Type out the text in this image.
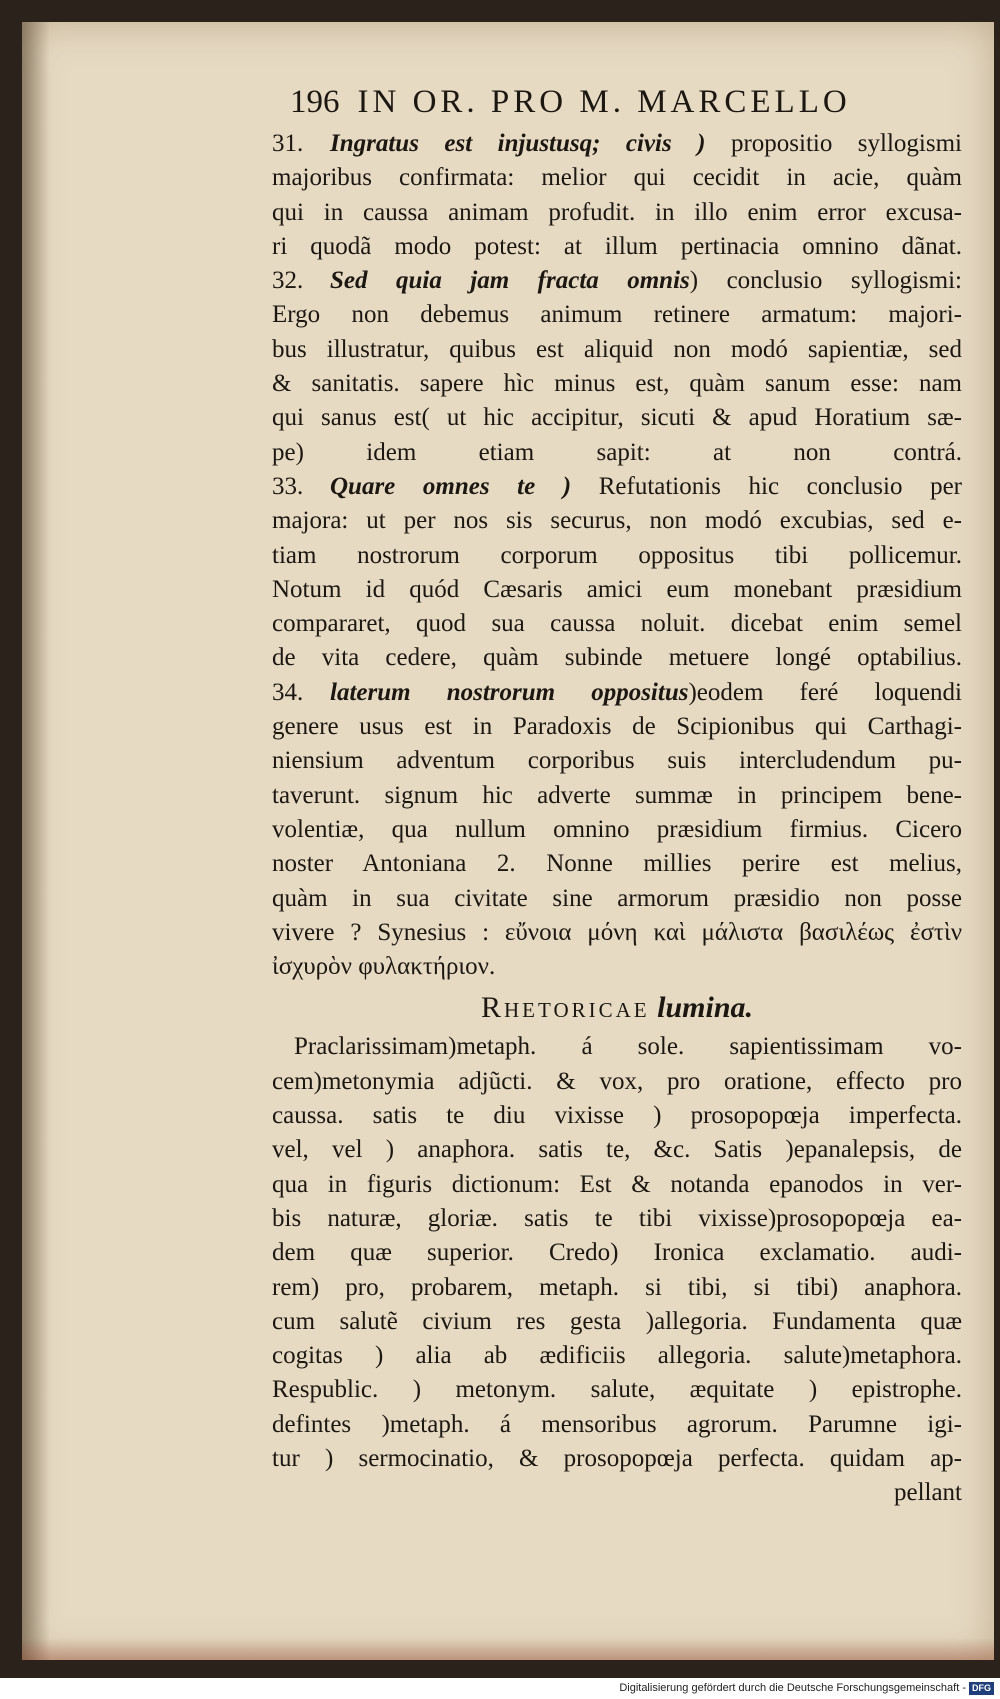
196 IN OR. PRO M. MARCELLO
31. Ingratus est injustusq; civis ) propositio syllogismi
majoribus confirmata: melior qui cecidit in acie, quàm
qui in caussa animam profudit. in illo enim error excusa-
ri quodã modo potest: at illum pertinacia omnino dãnat.
32. Sed quia jam fracta omnis) conclusio syllogismi:
Ergo non debemus animum retinere armatum: majori-
bus illustratur, quibus est aliquid non modó sapientiæ, sed
& sanitatis. sapere hìc minus est, quàm sanum esse: nam
qui sanus est( ut hic accipitur, sicuti & apud Horatium sæ-
pe) idem etiam sapit: at non contrá.
33. Quare omnes te ) Refutationis hic conclusio per
majora: ut per nos sis securus, non modó excubias, sed e-
tiam nostrorum corporum oppositus tibi pollicemur.
Notum id quód Cæsaris amici eum monebant præsidium
compararet, quod sua caussa noluit. dicebat enim semel
de vita cedere, quàm subinde metuere longé optabilius.
34. laterum nostrorum oppositus)eodem feré loquendi
genere usus est in Paradoxis de Scipionibus qui Carthagi-
niensium adventum corporibus suis intercludendum pu-
taverunt. signum hic adverte summæ in principem bene-
volentiæ, qua nullum omnino præsidium firmius. Cicero
noster Antoniana 2. Nonne millies perire est melius,
quàm in sua civitate sine armorum præsidio non posse
vivere ? Synesius : εὔνοια μόνη καὶ μάλιστα βασιλέως ἐστὶν
ἰσχυρὸν φυλακτήριον.
Rhetoricae lumina.
Praclarissimam)metaph. á sole. sapientissimam vo-
cem)metonymia adjũcti. & vox, pro oratione, effecto pro
caussa. satis te diu vixisse ) prosopopœja imperfecta.
vel, vel ) anaphora. satis te, &c. Satis )epanalepsis, de
qua in figuris dictionum: Est & notanda epanodos in ver-
bis naturæ, gloriæ. satis te tibi vixisse)prosopopœja ea-
dem quæ superior. Credo) Ironica exclamatio. audi-
rem) pro, probarem, metaph. si tibi, si tibi) anaphora.
cum salutẽ civium res gesta )allegoria. Fundamenta quæ
cogitas ) alia ab ædificiis allegoria. salute)metaphora.
Respublic. ) metonym. salute, æquitate ) epistrophe.
defintes )metaph. á mensoribus agrorum. Parumne igi-
tur ) sermocinatio, & prosopopœja perfecta. quidam ap-
pellant
Digitalisierung gefördert durch die Deutsche Forschungsgemeinschaft - DFG
